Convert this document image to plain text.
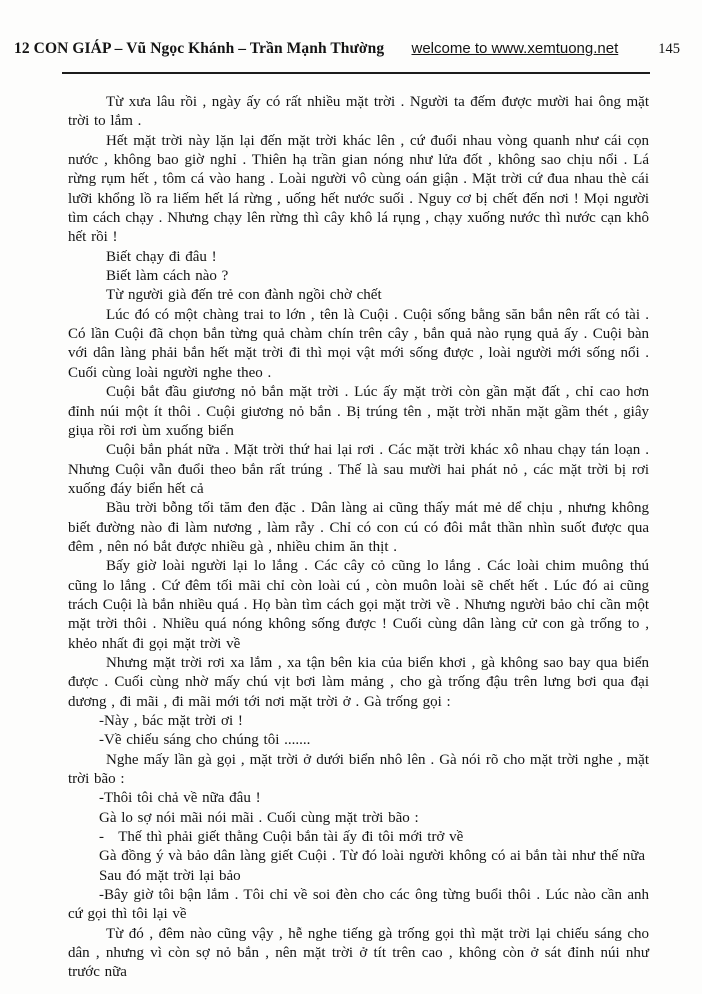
12 CON GIÁP – Vũ Ngọc Khánh – Trần Mạnh Thường	welcome to www.xemtuong.net	145

Từ xưa lâu rồi , ngày ấy có rất nhiều mặt trời . Người ta đếm được mười hai ông mặt trời to lắm .

Hết mặt trời này lặn lại đến mặt trời khác lên , cứ đuổi nhau vòng quanh như cái cọn nước , không bao giờ nghỉ . Thiên hạ trần gian nóng như lửa đốt , không sao chịu nổi . Lá rừng rụm hết , tôm cá vào hang . Loài người vô cùng oán giận . Mặt trời cứ đua nhau thè cái lưỡi khổng lồ ra liếm hết lá rừng , uống hết nước suối . Nguy cơ bị chết đến nơi ! Mọi người tìm cách chạy . Nhưng chạy lên rừng thì cây khô lá rụng , chạy xuống nước thì nước cạn khô hết rồi !

Biết chạy đi đâu !

Biết làm cách nào ?

Từ người già đến trẻ con đành ngồi chờ chết

Lúc đó có một chàng trai to lớn , tên là Cuội . Cuội sống bằng săn bắn nên rất có tài . Có lần Cuội đã chọn bắn từng quả chàm chín trên cây , bắn quả nào rụng quả ấy . Cuội bàn với dân làng phải bắn hết mặt trời đi thì mọi vật mới sống được , loài người mới sống nổi . Cuối cùng loài người nghe theo .

Cuội bắt đầu giương nỏ bắn mặt trời . Lúc ấy mặt trời còn gần mặt đất , chỉ cao hơn đỉnh núi một ít thôi . Cuội giương nỏ bắn . Bị trúng tên , mặt trời nhăn mặt gầm thét , giây giụa rồi rơi ùm xuống biển

Cuội bắn phát nữa . Mặt trời thứ hai lại rơi . Các mặt trời khác xô nhau chạy tán loạn . Nhưng Cuội vẫn đuổi theo bắn rất trúng . Thế là sau mười hai phát nỏ , các mặt trời bị rơi xuống đáy biển hết cả

Bầu trời bỗng tối tăm đen đặc . Dân làng ai cũng thấy mát mẻ dể chịu , nhưng không biết đường nào đi làm nương , làm rẫy . Chỉ có con cú có đôi mắt thần nhìn suốt được qua đêm , nên nó bắt được nhiều gà , nhiều chim ăn thịt .

Bấy giờ loài người lại lo lắng . Các cây cỏ cũng lo lắng . Các loài chim muông thú cũng lo lắng . Cứ đêm tối mãi chỉ còn loài cú , còn muôn loài sẽ chết hết . Lúc đó ai cũng trách Cuội là bắn nhiều quá . Họ bàn tìm cách gọi mặt trời về . Nhưng người bảo chỉ cần một mặt trời thôi . Nhiều quá nóng không sống được ! Cuối cùng dân làng cử con gà trống to , khẻo nhất đi gọi mặt trời về

Nhưng mặt trời rơi xa lắm , xa tận bên kia của biển khơi , gà không sao bay qua biển được . Cuối cùng nhờ mấy chú vịt bơi làm mảng , cho gà trống đậu trên lưng bơi qua đại dương , đi mãi , đi mãi mới tới nơi mặt trời ở . Gà trống gọi :

-Này , bác mặt trời ơi !

-Về chiếu sáng cho chúng tôi .......

Nghe mấy lần gà gọi , mặt trời ở dưới biển nhô lên . Gà nói rõ cho mặt trời nghe , mặt trời bão :

-Thôi tôi chả về nữa đâu !

Gà lo sợ nói mãi nói mãi . Cuối cùng mặt trời bão :

-   Thế thì phải giết thằng Cuội bắn tài ấy đi tôi mới trở về

Gà đồng ý và bảo dân làng giết Cuội . Từ đó loài người không có ai bắn tài như thế nữa

Sau đó mặt trời lại bảo

-Bây giờ tôi bận lắm . Tôi chỉ về soi đèn cho các ông từng buổi thôi . Lúc nào cần anh cứ gọi thì tôi lại về

Từ đó , đêm nào cũng vậy , hễ nghe tiếng gà trống gọi thì mặt trời lại chiếu sáng cho dân , nhưng vì còn sợ nỏ bắn , nên mặt trời ở tít trên cao , không còn ở sát đỉnh núi như trước nữa
